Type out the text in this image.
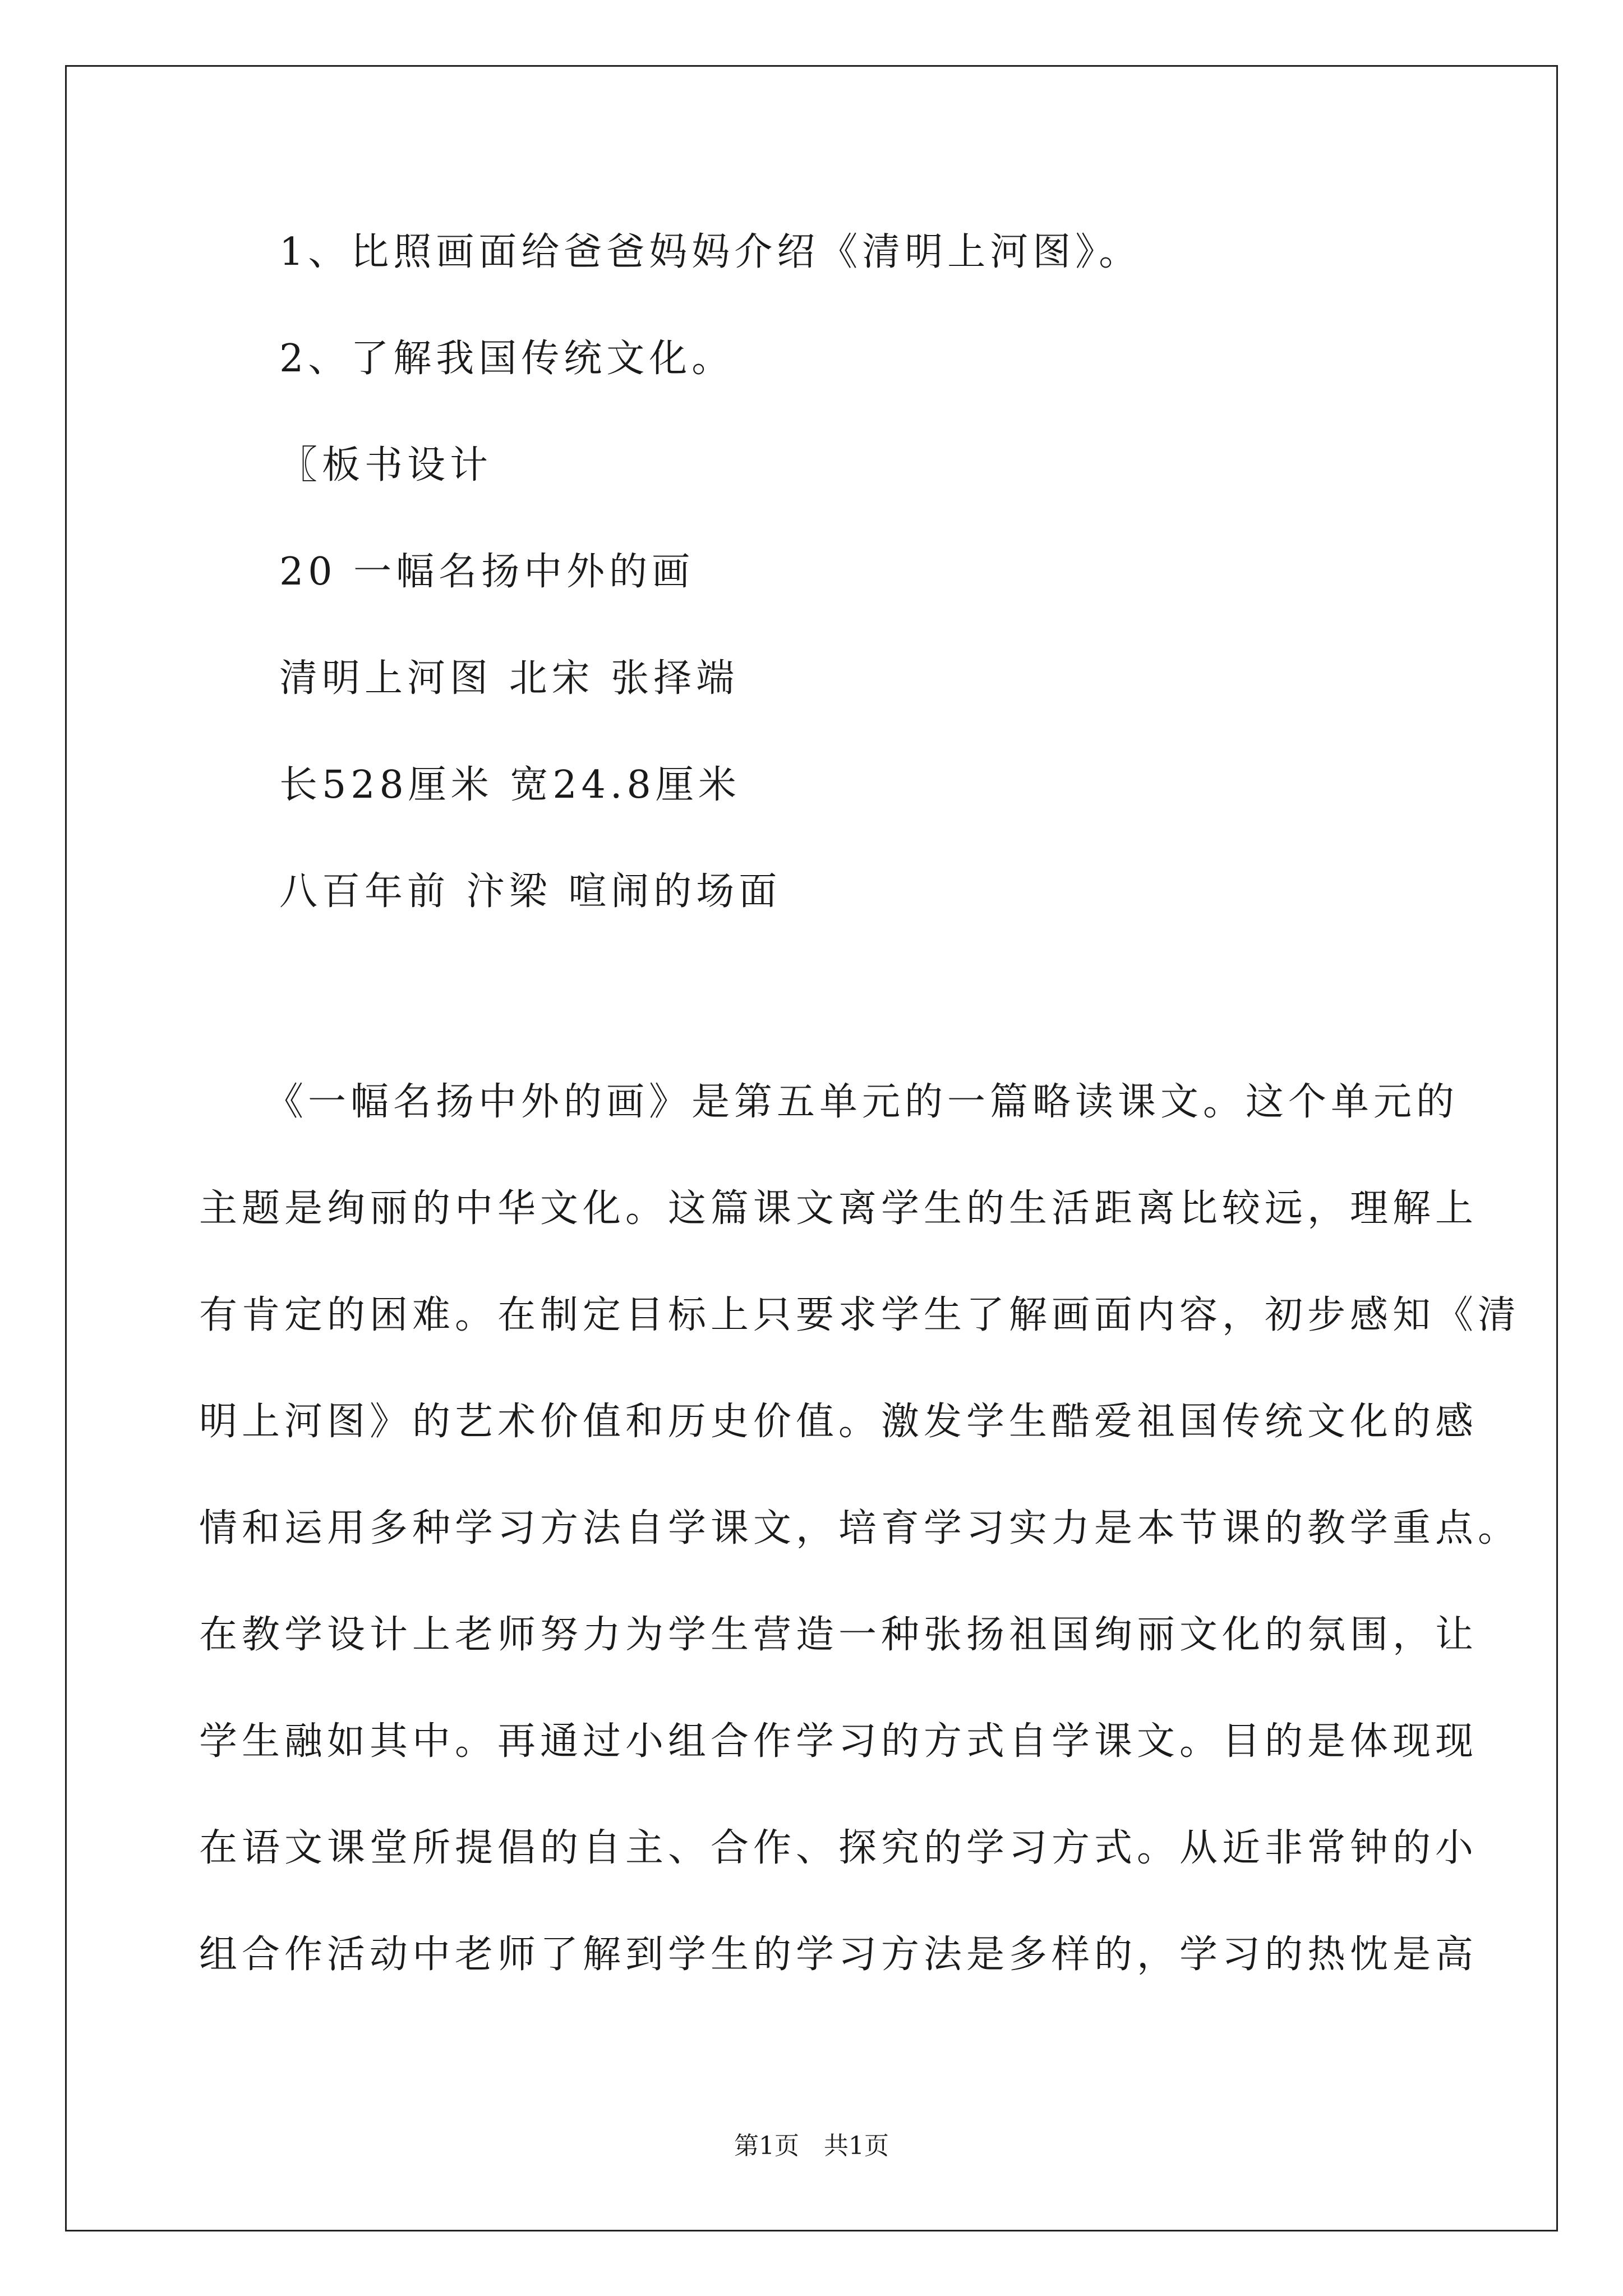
1、比照画面给爸爸妈妈介绍《清明上河图》。
2、了解我国传统文化。
〖板书设计
20 一幅名扬中外的画
清明上河图 北宋 张择端
长528厘米 宽24.8厘米
八百年前 汴梁 喧闹的场面
　　《一幅名扬中外的画》是第五单元的一篇略读课文。这个单元的
主题是绚丽的中华文化。这篇课文离学生的生活距离比较远，理解上
有肯定的困难。在制定目标上只要求学生了解画面内容，初步感知《清
明上河图》的艺术价值和历史价值。激发学生酷爱祖国传统文化的感
情和运用多种学习方法自学课文，培育学习实力是本节课的教学重点。
在教学设计上老师努力为学生营造一种张扬祖国绚丽文化的氛围，让
学生融如其中。再通过小组合作学习的方式自学课文。目的是体现现
在语文课堂所提倡的自主、合作、探究的学习方式。从近非常钟的小
组合作活动中老师了解到学生的学习方法是多样的，学习的热忱是高
第1页　共1页
